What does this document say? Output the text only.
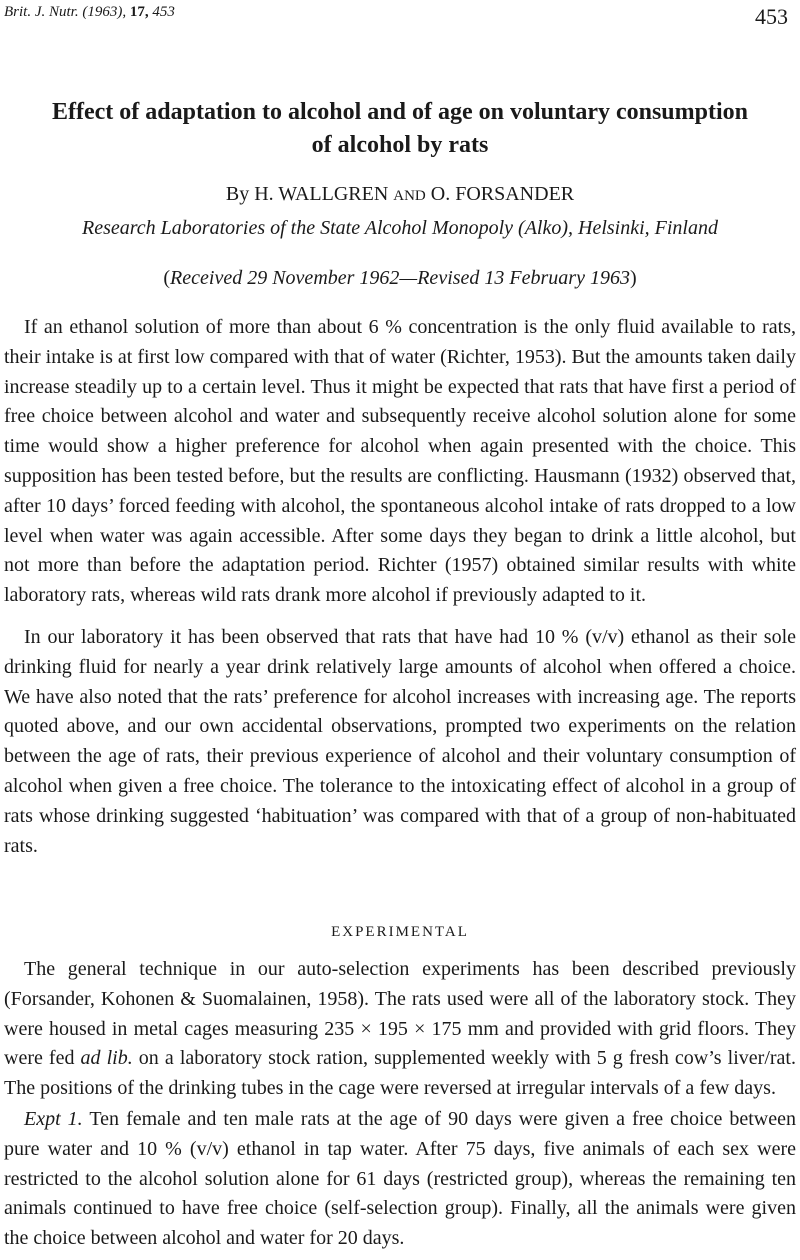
Brit. J. Nutr. (1963), 17, 453	453
Effect of adaptation to alcohol and of age on voluntary consumption of alcohol by rats
By H. WALLGREN AND O. FORSANDER
Research Laboratories of the State Alcohol Monopoly (Alko), Helsinki, Finland
(Received 29 November 1962—Revised 13 February 1963)

If an ethanol solution of more than about 6 % concentration is the only fluid available to rats, their intake is at first low compared with that of water (Richter, 1953). But the amounts taken daily increase steadily up to a certain level. Thus it might be expected that rats that have first a period of free choice between alcohol and water and subsequently receive alcohol solution alone for some time would show a higher preference for alcohol when again presented with the choice. This supposition has been tested before, but the results are conflicting. Hausmann (1932) observed that, after 10 days’ forced feeding with alcohol, the spontaneous alcohol intake of rats dropped to a low level when water was again accessible. After some days they began to drink a little alcohol, but not more than before the adaptation period. Richter (1957) obtained similar results with white laboratory rats, whereas wild rats drank more alcohol if previously adapted to it.

In our laboratory it has been observed that rats that have had 10 % (v/v) ethanol as their sole drinking fluid for nearly a year drink relatively large amounts of alcohol when offered a choice. We have also noted that the rats’ preference for alcohol increases with increasing age. The reports quoted above, and our own accidental observations, prompted two experiments on the relation between the age of rats, their previous experience of alcohol and their voluntary consumption of alcohol when given a free choice. The tolerance to the intoxicating effect of alcohol in a group of rats whose drinking suggested ‘habituation’ was compared with that of a group of non-habituated rats.

EXPERIMENTAL

The general technique in our auto-selection experiments has been described previously (Forsander, Kohonen & Suomalainen, 1958). The rats used were all of the laboratory stock. They were housed in metal cages measuring 235 × 195 × 175 mm and provided with grid floors. They were fed ad lib. on a laboratory stock ration, supplemented weekly with 5 g fresh cow’s liver/rat. The positions of the drinking tubes in the cage were reversed at irregular intervals of a few days.

Expt 1. Ten female and ten male rats at the age of 90 days were given a free choice between pure water and 10 % (v/v) ethanol in tap water. After 75 days, five animals of each sex were restricted to the alcohol solution alone for 61 days (restricted group), whereas the remaining ten animals continued to have free choice (self-selection group). Finally, all the animals were given the choice between alcohol and water for 20 days.
